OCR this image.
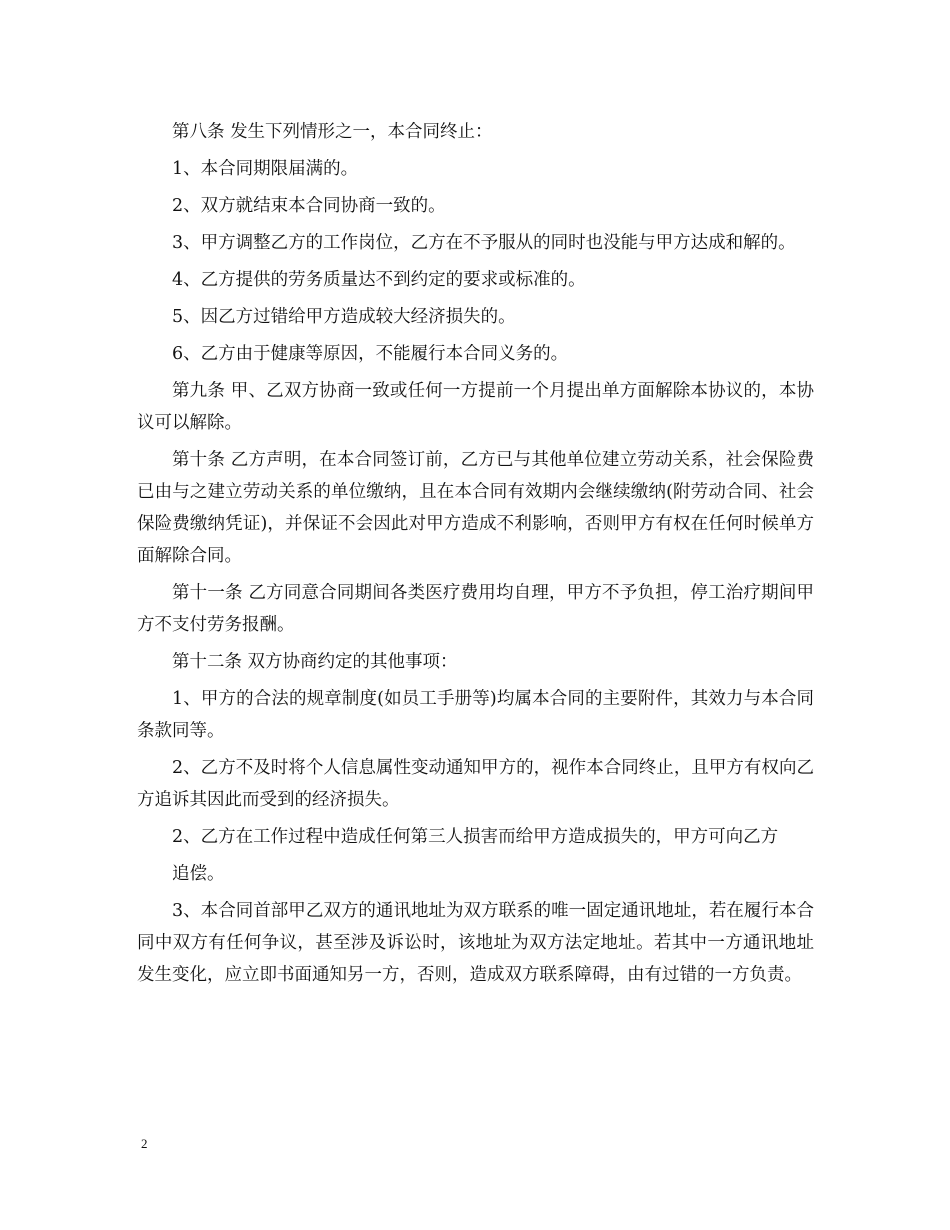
第八条 发生下列情形之一，本合同终止：

1、本合同期限届满的。

2、双方就结束本合同协商一致的。

3、甲方调整乙方的工作岗位，乙方在不予服从的同时也没能与甲方达成和解的。

4、乙方提供的劳务质量达不到约定的要求或标准的。

5、因乙方过错给甲方造成较大经济损失的。

6、乙方由于健康等原因，不能履行本合同义务的。

第九条 甲、乙双方协商一致或任何一方提前一个月提出单方面解除本协议的，本协议可以解除。

第十条 乙方声明，在本合同签订前，乙方已与其他单位建立劳动关系，社会保险费已由与之建立劳动关系的单位缴纳，且在本合同有效期内会继续缴纳(附劳动合同、社会保险费缴纳凭证)，并保证不会因此对甲方造成不利影响，否则甲方有权在任何时候单方面解除合同。

第十一条 乙方同意合同期间各类医疗费用均自理，甲方不予负担，停工治疗期间甲方不支付劳务报酬。

第十二条 双方协商约定的其他事项：

1、甲方的合法的规章制度(如员工手册等)均属本合同的主要附件，其效力与本合同条款同等。

2、乙方不及时将个人信息属性变动通知甲方的，视作本合同终止，且甲方有权向乙方追诉其因此而受到的经济损失。

2、乙方在工作过程中造成任何第三人损害而给甲方造成损失的，甲方可向乙方

追偿。

3、本合同首部甲乙双方的通讯地址为双方联系的唯一固定通讯地址，若在履行本合同中双方有任何争议，甚至涉及诉讼时，该地址为双方法定地址。若其中一方通讯地址发生变化，应立即书面通知另一方，否则，造成双方联系障碍，由有过错的一方负责。

2
